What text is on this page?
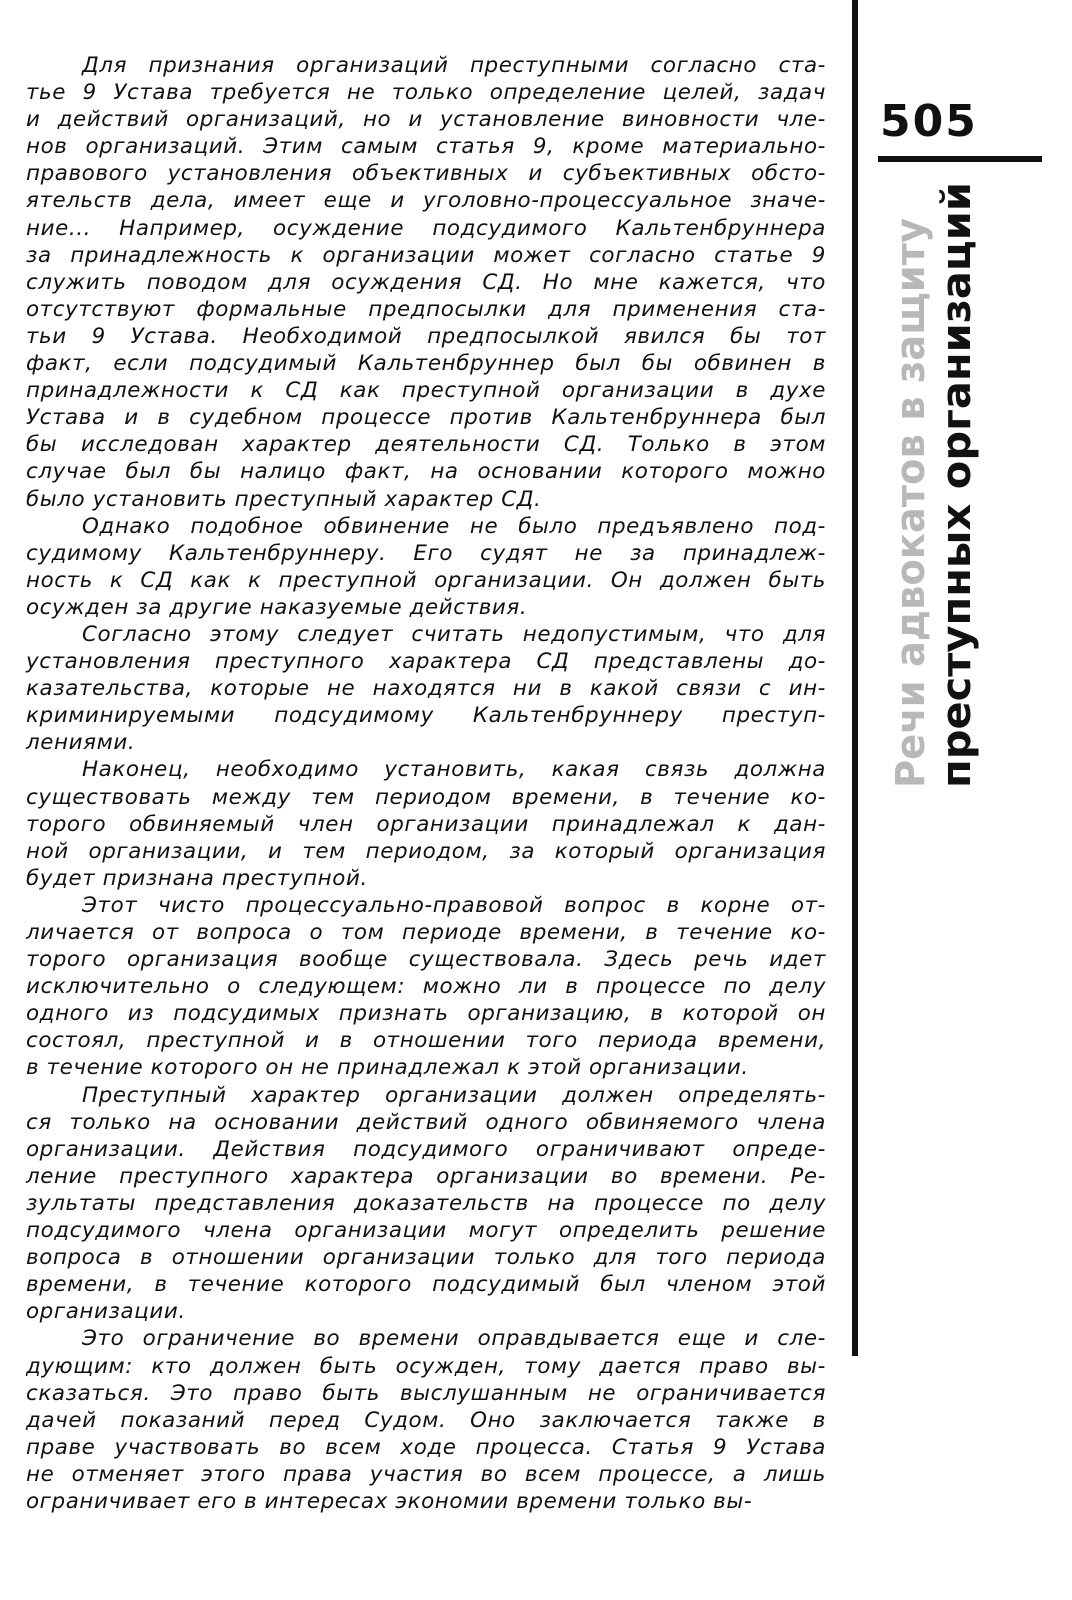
505
Речи адвокатов в защиту преступных организаций
Для признания организаций преступными согласно ста-
тье 9 Устава требуется не только определение целей, задач
и действий организаций, но и установление виновности чле-
нов организаций. Этим самым статья 9, кроме материально-
правового установления объективных и субъективных обсто-
ятельств дела, имеет еще и уголовно-процессуальное значе-
ние... Например, осуждение подсудимого Кальтенбруннера
за принадлежность к организации может согласно статье 9
служить поводом для осуждения СД. Но мне кажется, что
отсутствуют формальные предпосылки для применения ста-
тьи 9 Устава. Необходимой предпосылкой явился бы тот
факт, если подсудимый Кальтенбруннер был бы обвинен в
принадлежности к СД как преступной организации в духе
Устава и в судебном процессе против Кальтенбруннера был
бы исследован характер деятельности СД. Только в этом
случае был бы налицо факт, на основании которого можно
было установить преступный характер СД.
Однако подобное обвинение не было предъявлено под-
судимому Кальтенбруннеру. Его судят не за принадлеж-
ность к СД как к преступной организации. Он должен быть
осужден за другие наказуемые действия.
Согласно этому следует считать недопустимым, что для
установления преступного характера СД представлены до-
казательства, которые не находятся ни в какой связи с ин-
криминируемыми подсудимому Кальтенбруннеру преступ-
лениями.
Наконец, необходимо установить, какая связь должна
существовать между тем периодом времени, в течение ко-
торого обвиняемый член организации принадлежал к дан-
ной организации, и тем периодом, за который организация
будет признана преступной.
Этот чисто процессуально-правовой вопрос в корне от-
личается от вопроса о том периоде времени, в течение ко-
торого организация вообще существовала. Здесь речь идет
исключительно о следующем: можно ли в процессе по делу
одного из подсудимых признать организацию, в которой он
состоял, преступной и в отношении того периода времени,
в течение которого он не принадлежал к этой организации.
Преступный характер организации должен определять-
ся только на основании действий одного обвиняемого члена
организации. Действия подсудимого ограничивают опреде-
ление преступного характера организации во времени. Ре-
зультаты представления доказательств на процессе по делу
подсудимого члена организации могут определить решение
вопроса в отношении организации только для того периода
времени, в течение которого подсудимый был членом этой
организации.
Это ограничение во времени оправдывается еще и сле-
дующим: кто должен быть осужден, тому дается право вы-
сказаться. Это право быть выслушанным не ограничивается
дачей показаний перед Судом. Оно заключается также в
праве участвовать во всем ходе процесса. Статья 9 Устава
не отменяет этого права участия во всем процессе, а лишь
ограничивает его в интересах экономии времени только вы-
